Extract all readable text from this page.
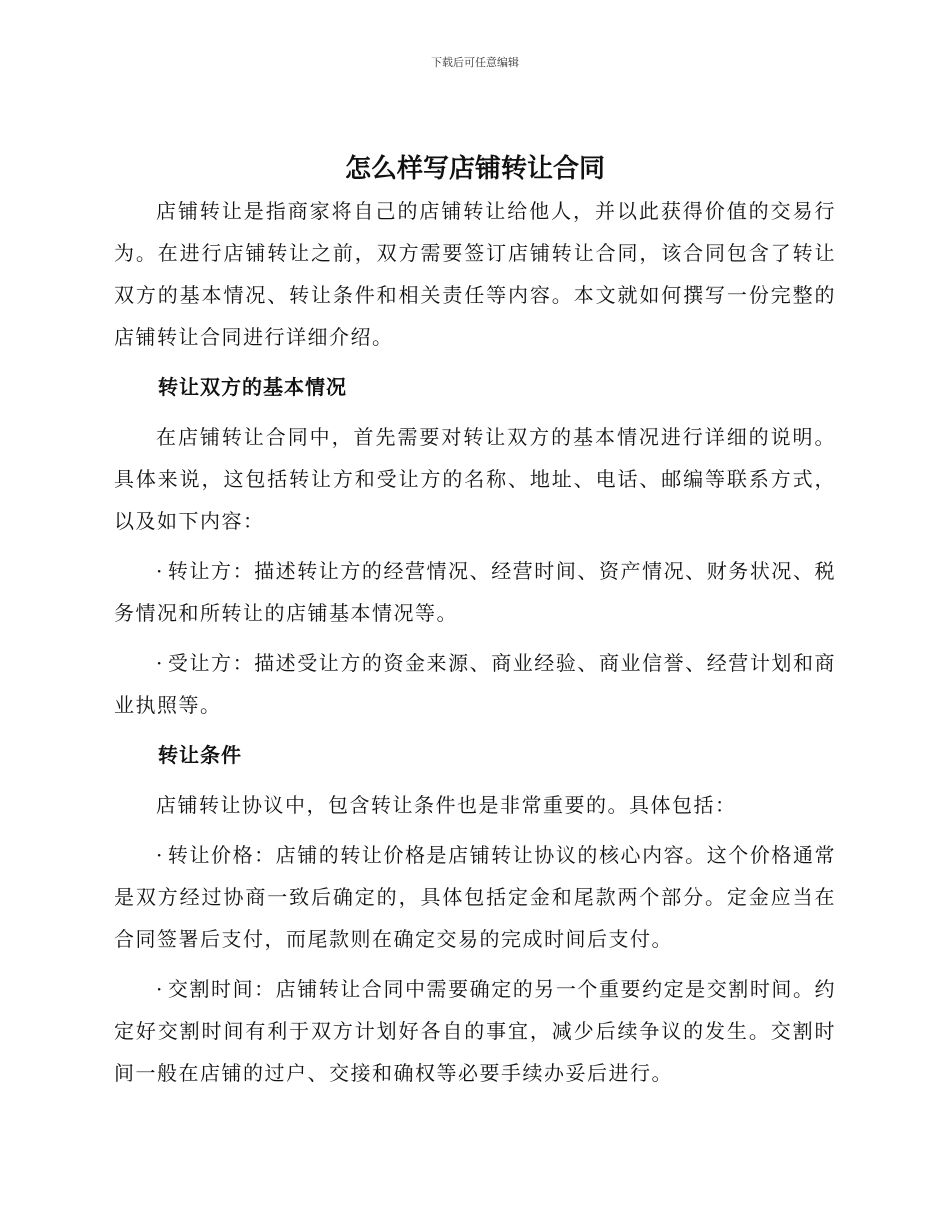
下载后可任意编辑
怎么样写店铺转让合同

店铺转让是指商家将自己的店铺转让给他人，并以此获得价值的交易行为。在进行店铺转让之前，双方需要签订店铺转让合同，该合同包含了转让双方的基本情况、转让条件和相关责任等内容。本文就如何撰写一份完整的店铺转让合同进行详细介绍。

转让双方的基本情况

在店铺转让合同中，首先需要对转让双方的基本情况进行详细的说明。具体来说，这包括转让方和受让方的名称、地址、电话、邮编等联系方式，以及如下内容：

· 转让方：描述转让方的经营情况、经营时间、资产情况、财务状况、税务情况和所转让的店铺基本情况等。

· 受让方：描述受让方的资金来源、商业经验、商业信誉、经营计划和商业执照等。

转让条件

店铺转让协议中，包含转让条件也是非常重要的。具体包括：

· 转让价格：店铺的转让价格是店铺转让协议的核心内容。这个价格通常是双方经过协商一致后确定的，具体包括定金和尾款两个部分。定金应当在合同签署后支付，而尾款则在确定交易的完成时间后支付。

· 交割时间：店铺转让合同中需要确定的另一个重要约定是交割时间。约定好交割时间有利于双方计划好各自的事宜，减少后续争议的发生。交割时间一般在店铺的过户、交接和确权等必要手续办妥后进行。
